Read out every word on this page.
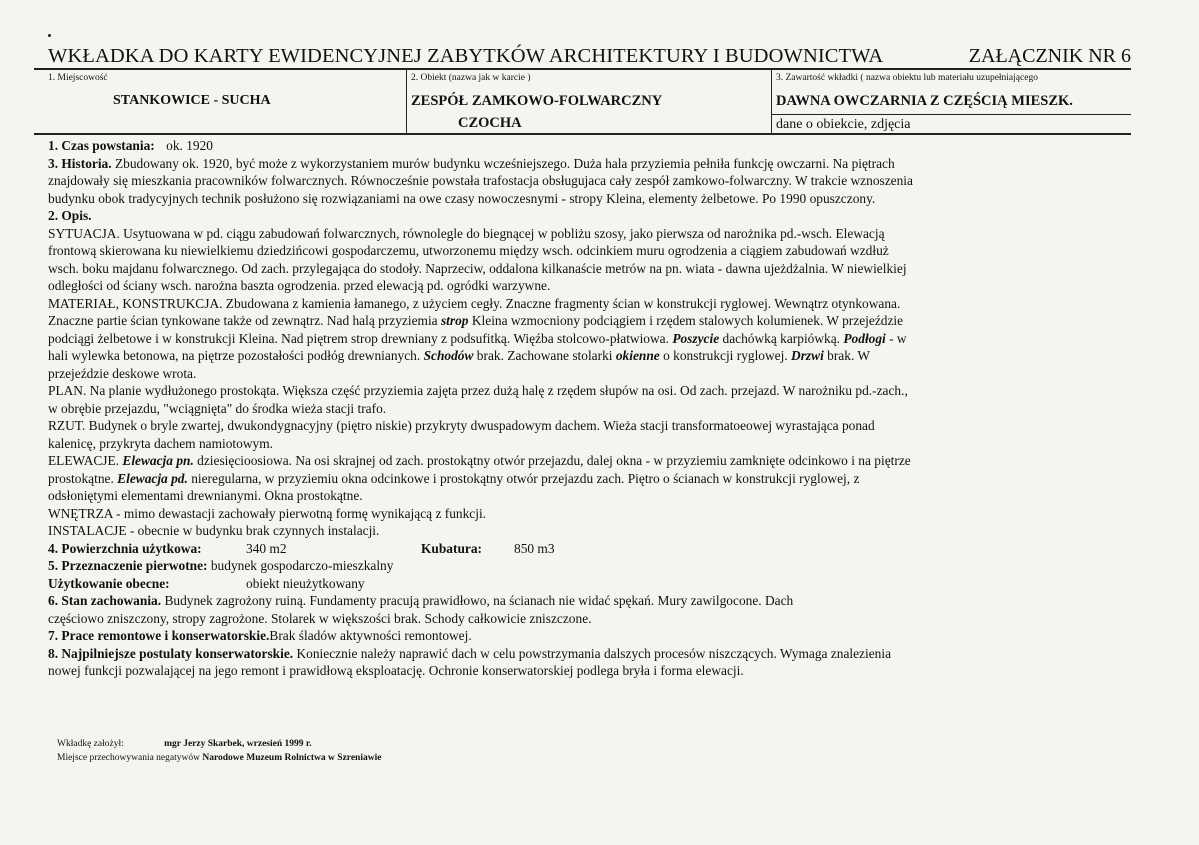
WKŁADKA DO KARTY EWIDENCYJNEJ ZABYTKÓW ARCHITEKTURY I BUDOWNICTWA	ZAŁĄCZNIK NR 6
1. Miejscowość
STANKOWICE - SUCHA
2. Obiekt (nazwa jak w karcie )
ZESPÓŁ ZAMKOWO-FOLWARCZNY
CZOCHA
3. Zawartość wkładki ( nazwa obiektu lub materiału uzupełniającego
DAWNA OWCZARNIA Z CZĘŚCIĄ MIESZK.
dane o obiekcie, zdjęcia
1. Czas powstania: ok. 1920
3. Historia. Zbudowany ok. 1920, być może z wykorzystaniem murów budynku wcześniejszego. Duża hala przyziemia pełniła funkcję owczarni. Na piętrach
znajdowały się mieszkania pracowników folwarcznych. Równocześnie powstała trafostacja obsługujaca cały zespół zamkowo-folwarczny. W trakcie wznoszenia
budynku obok tradycyjnych technik posłużono się rozwiązaniami na owe czasy nowoczesnymi - stropy Kleina, elementy żelbetowe. Po 1990 opuszczony.
2. Opis.
SYTUACJA. Usytuowana w pd. ciągu zabudowań folwarcznych, równolegle do biegnącej w pobliżu szosy, jako pierwsza od narożnika pd.-wsch. Elewacją
frontową skierowana ku niewielkiemu dziedzińcowi gospodarczemu, utworzonemu między wsch. odcinkiem muru ogrodzenia a ciągiem zabudowań wzdłuż
wsch. boku majdanu folwarcznego. Od zach. przylegająca do stodoły. Naprzeciw, oddalona kilkanaście metrów na pn. wiata - dawna ujeżdżalnia. W niewielkiej
odległości od ściany wsch. narożna baszta ogrodzenia. przed elewacją pd. ogródki warzywne.
MATERIAŁ, KONSTRUKCJA. Zbudowana z kamienia łamanego, z użyciem cegły. Znaczne fragmenty ścian w konstrukcji ryglowej. Wewnątrz otynkowana.
Znaczne partie ścian tynkowane także od zewnątrz. Nad halą przyziemia strop Kleina wzmocniony podciągiem i rzędem stalowych kolumienek. W przejeździe
podciągi żelbetowe i w konstrukcji Kleina. Nad piętrem strop drewniany z podsufitką. Więźba stolcowo-płatwiowa. Poszycie dachówką karpiówką. Podłogi - w
hali wylewka betonowa, na piętrze pozostałości podłóg drewnianych. Schodów brak. Zachowane stolarki okienne o konstrukcji ryglowej. Drzwi brak. W
przejeździe deskowe wrota.
PLAN. Na planie wydłużonego prostokąta. Większa część przyziemia zajęta przez dużą halę z rzędem słupów na osi. Od zach. przejazd. W narożniku pd.-zach.,
w obrębie przejazdu, "wciągnięta" do środka wieża stacji trafo.
RZUT. Budynek o bryle zwartej, dwukondygnacyjny (piętro niskie) przykryty dwuspadowym dachem. Wieża stacji transformatoeowej wyrastająca ponad
kalenicę, przykryta dachem namiotowym.
ELEWACJE. Elewacja pn. dziesięcioosiowa. Na osi skrajnej od zach. prostokątny otwór przejazdu, dalej okna - w przyziemiu zamknięte odcinkowo i na piętrze
prostokątne. Elewacja pd. nieregularna, w przyziemiu okna odcinkowe i prostokątny otwór przejazdu zach. Piętro o ścianach w konstrukcji ryglowej, z
odsłoniętymi elementami drewnianymi. Okna prostokątne.
WNĘTRZA - mimo dewastacji zachowały pierwotną formę wynikającą z funkcji.
INSTALACJE - obecnie w budynku brak czynnych instalacji.
4. Powierzchnia użytkowa:	340 m2	Kubatura: 850 m3
5. Przeznaczenie pierwotne: budynek gospodarczo-mieszkalny
Użytkowanie obecne:	obiekt nieużytkowany
6. Stan zachowania. Budynek zagrożony ruiną. Fundamenty pracują prawidłowo, na ścianach nie widać spękań. Mury zawilgocone. Dach
częściowo zniszczony, stropy zagrożone. Stolarek w większości brak. Schody całkowicie zniszczone.
7. Prace remontowe i konserwatorskie.Brak śladów aktywności remontowej.
8. Najpilniejsze postulaty konserwatorskie. Koniecznie należy naprawić dach w celu powstrzymania dalszych procesów niszczących. Wymaga znalezienia
nowej funkcji pozwalającej na jego remont i prawidłową eksploatację. Ochronie konserwatorskiej podlega bryła i forma elewacji.
Wkładkę założył:	mgr Jerzy Skarbek, wrzesień 1999 r.
Miejsce przechowywania negatywów Narodowe Muzeum Rolnictwa w Szreniawie
